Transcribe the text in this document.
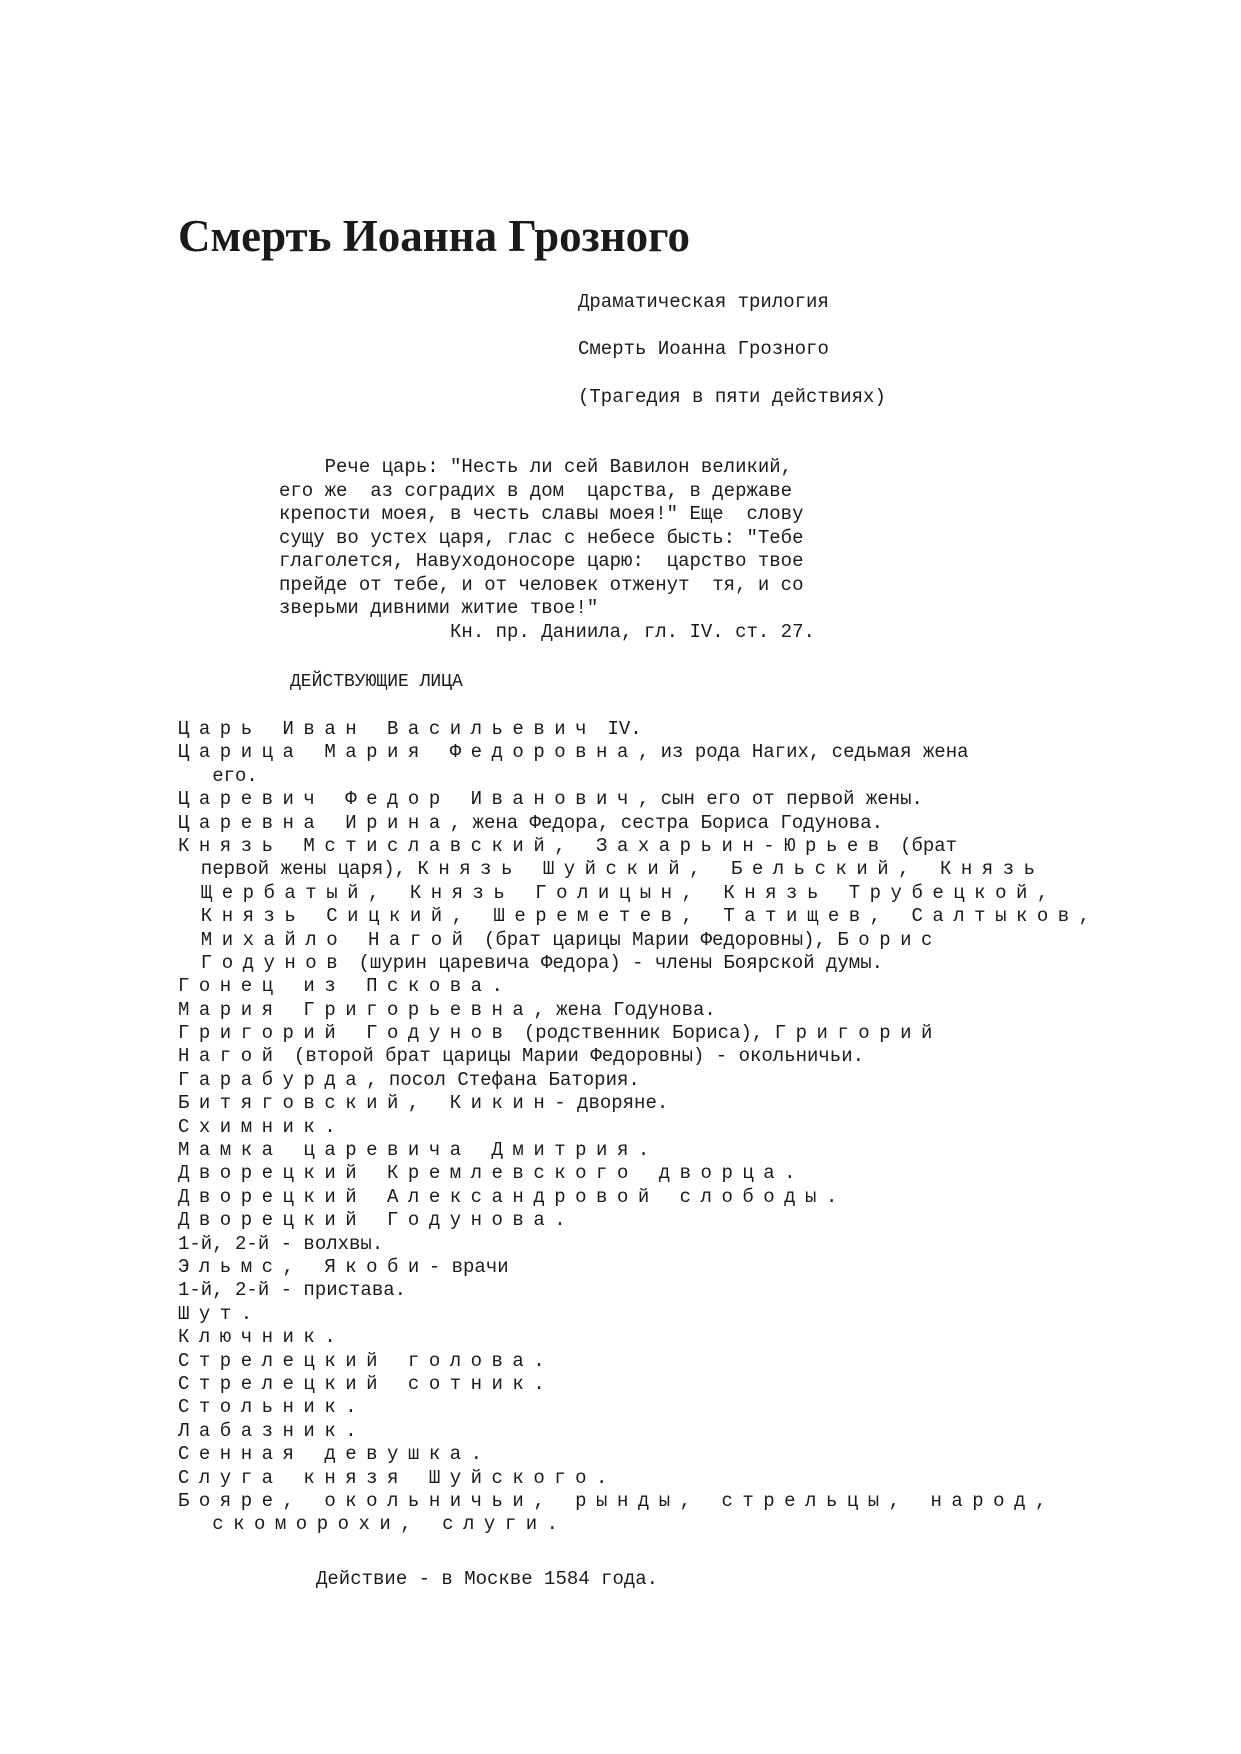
Смерть Иоанна Грозного

Драматическая трилогия

Смерть Иоанна Грозного

(Трагедия в пяти действиях)

Рече царь: "Несть ли сей Вавилон великий,
его же  аз соградих в дом  царства, в державе
крепости моея, в честь славы моея!" Еще  слову
сущу во устех царя, глас с небесе бысть: "Тебе
глаголется, Навуходоносоре царю:  царство твое
прейде от тебе, и от человек отженут  тя, и со
зверьми дивними житие твое!"
Кн. пр. Даниила, гл. IV. ст. 27.

ДЕЙСТВУЮЩИЕ ЛИЦА

Царь Иван Васильевич IV.
Царица Мария Федоровна, из рода Нагих, седьмая жена
его.
Царевич Федор Иванович, сын его от первой жены.
Царевна Ирина, жена Федора, сестра Бориса Годунова.
Князь Мстиславский, Захарьин-Юрьев (брат
первой жены царя), Князь Шуйский, Бельский, Князь
Щербатый, Князь Голицын, Князь Трубецкой,
Князь Сицкий, Шереметев, Татищев, Салтыков,
Михайло Нагой (брат царицы Марии Федоровны), Борис
Годунов (шурин царевича Федора) - члены Боярской думы.
Гонец из Пскова.
Мария Григорьевна, жена Годунова.
Григорий Годунов (родственник Бориса), Григорий
Нагой (второй брат царицы Марии Федоровны) - окольничьи.
Гарабурда, посол Стефана Батория.
Битяговский, Кикин- дворяне.
Схимник.
Мамка царевича Дмитрия.
Дворецкий Кремлевского дворца.
Дворецкий Александровой слободы.
Дворецкий Годунова.
1-й, 2-й - волхвы.
Эльмс, Якоби- врачи
1-й, 2-й - пристава.
Шут.
Ключник.
Стрелецкий голова.
Стрелецкий сотник.
Стольник.
Лабазник.
Сенная девушка.
Слуга князя Шуйского.
Бояре, окольничьи, рынды, стрельцы, народ,
скоморохи, слуги.

Действие - в Москве 1584 года.
